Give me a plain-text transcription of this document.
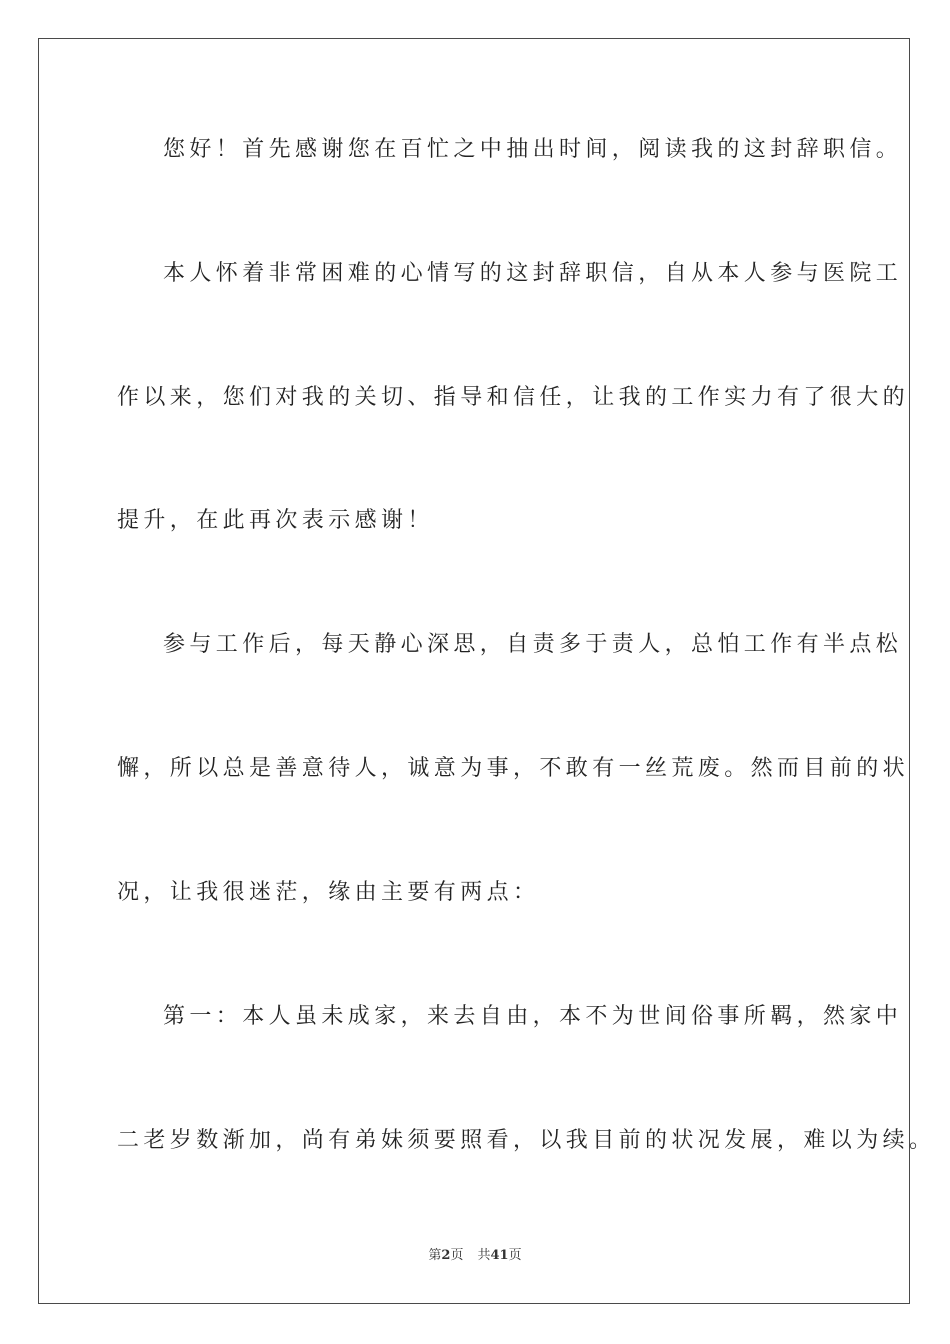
您好！首先感谢您在百忙之中抽出时间，阅读我的这封辞职信。
本人怀着非常困难的心情写的这封辞职信，自从本人参与医院工
作以来，您们对我的关切、指导和信任，让我的工作实力有了很大的
提升，在此再次表示感谢！
参与工作后，每天静心深思，自责多于责人，总怕工作有半点松
懈，所以总是善意待人，诚意为事，不敢有一丝荒废。然而目前的状
况，让我很迷茫，缘由主要有两点：
第一：本人虽未成家，来去自由，本不为世间俗事所羁，然家中
二老岁数渐加，尚有弟妹须要照看，以我目前的状况发展，难以为续。
第2页 共41页
